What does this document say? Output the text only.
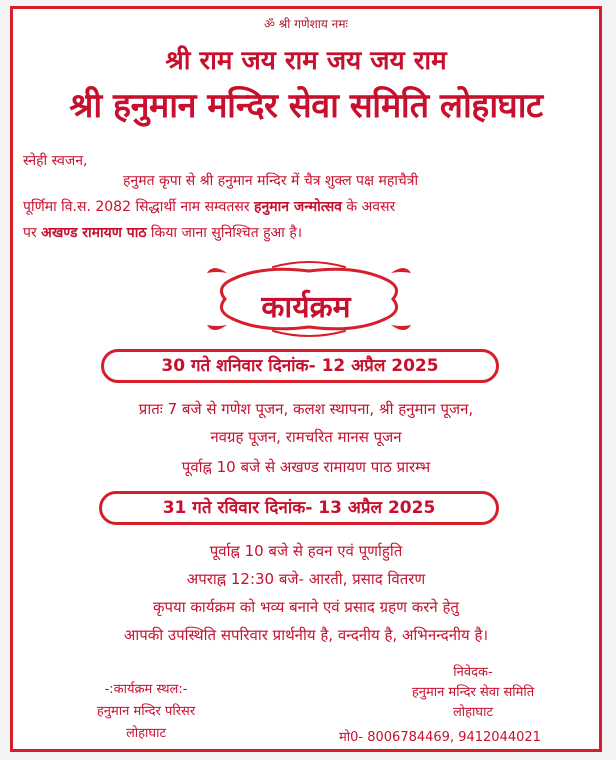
ॐ श्री गणेशाय नमः
श्री राम जय राम जय जय राम
श्री हनुमान मन्दिर सेवा समिति लोहाघाट
स्नेही स्वजन,
हनुमत कृपा से श्री हनुमान मन्दिर में चैत्र शुक्ल पक्ष महाचैत्री
पूर्णिमा वि.स. 2082 सिद्धार्थी नाम सम्वतसर हनुमान जन्मोत्सव के अवसर
पर अखण्ड रामायण पाठ किया जाना सुनिश्चित हुआ है।
कार्यक्रम
30 गते शनिवार दिनांक- 12 अप्रैल 2025
प्रातः 7 बजे से गणेश पूजन, कलश स्थापना, श्री हनुमान पूजन,
नवग्रह पूजन, रामचरित मानस पूजन
पूर्वाह्न 10 बजे से अखण्ड रामायण पाठ प्रारम्भ
31 गते रविवार दिनांक- 13 अप्रैल 2025
पूर्वाह्न 10 बजे से हवन एवं पूर्णाहुति
अपराह्न 12:30 बजे- आरती, प्रसाद वितरण
कृपया कार्यक्रम को भव्य बनाने एवं प्रसाद ग्रहण करने हेतु
आपकी उपस्थिति सपरिवार प्रार्थनीय है, वन्दनीय है, अभिनन्दनीय है।
-:कार्यक्रम स्थल:-
हनुमान मन्दिर परिसर
लोहाघाट
निवेदक-
हनुमान मन्दिर सेवा समिति
लोहाघाट
मो0- 8006784469, 9412044021
